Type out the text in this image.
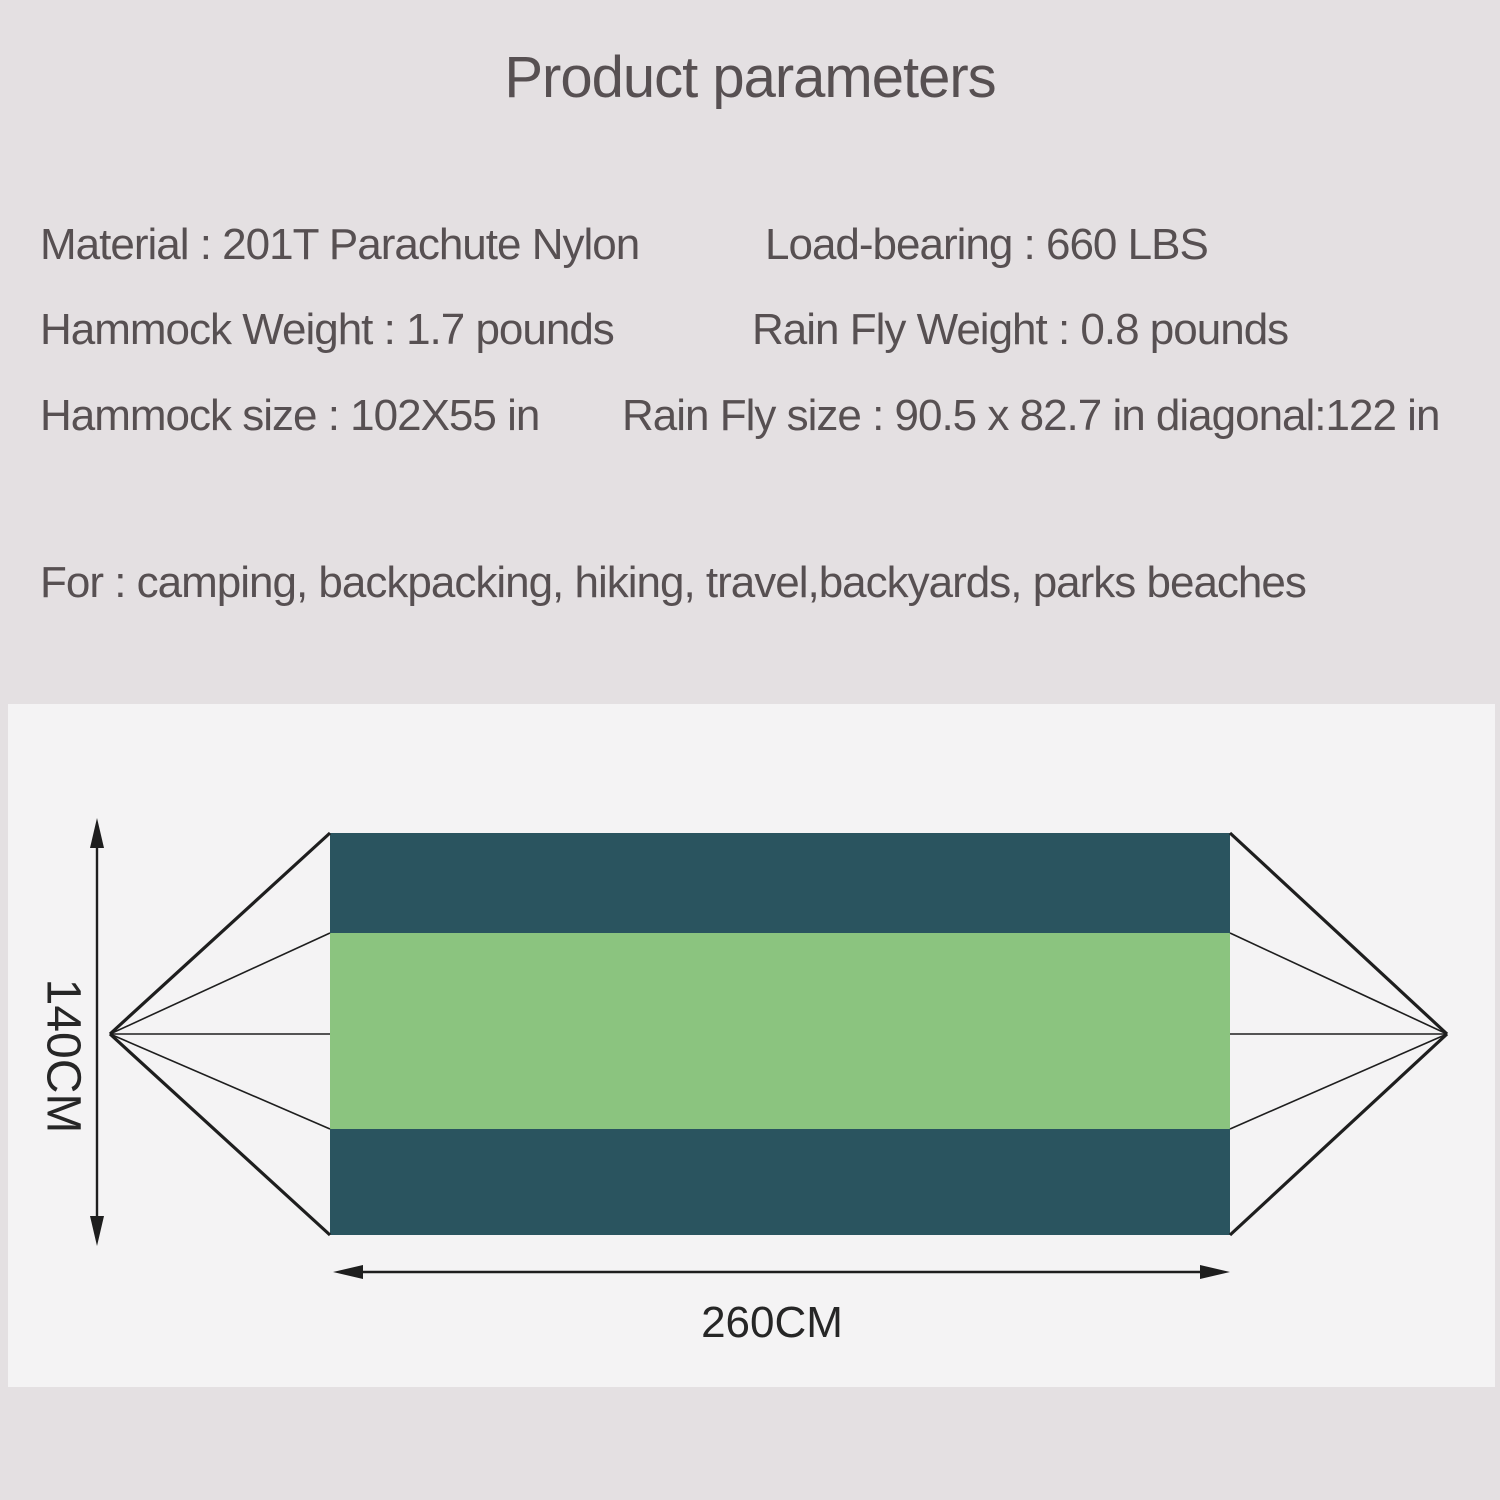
Product parameters
Material : 201T Parachute Nylon	Load-bearing : 660 LBS
Hammock Weight : 1.7 pounds	Rain Fly Weight : 0.8 pounds
Hammock size : 102X55 in Rain Fly size : 90.5 x 82.7 in diagonal:122 in
For : camping, backpacking, hiking, travel,backyards, parks beaches
140CM
260CM
